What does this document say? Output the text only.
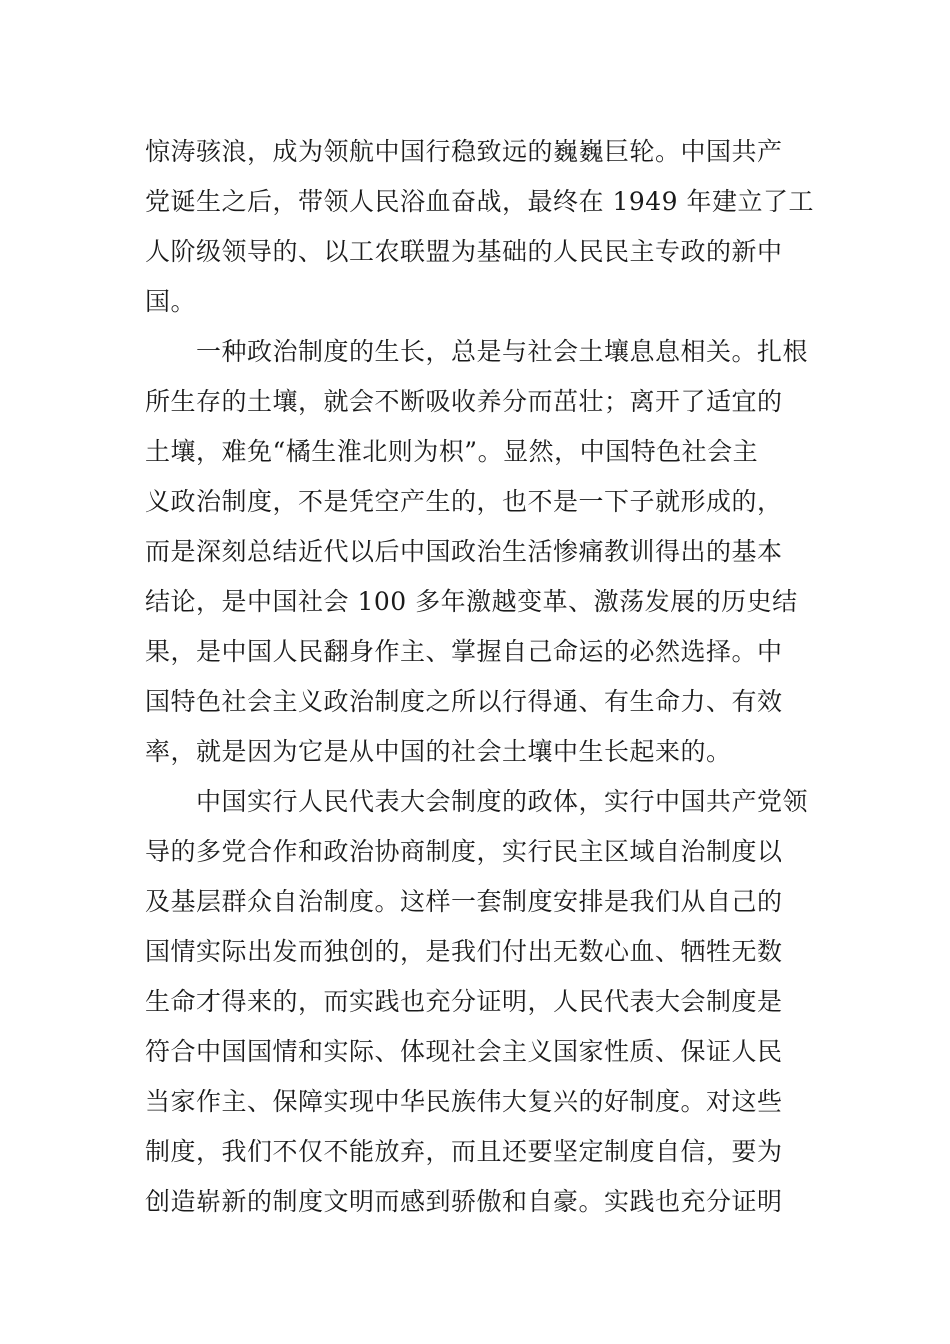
惊涛骇浪，成为领航中国行稳致远的巍巍巨轮。中国共产
党诞生之后，带领人民浴血奋战，最终在 1949 年建立了工
人阶级领导的、以工农联盟为基础的人民民主专政的新中
国。
　　一种政治制度的生长，总是与社会土壤息息相关。扎根
所生存的土壤，就会不断吸收养分而茁壮；离开了适宜的
土壤，难免“橘生淮北则为枳”。显然，中国特色社会主
义政治制度，不是凭空产生的，也不是一下子就形成的，
而是深刻总结近代以后中国政治生活惨痛教训得出的基本
结论，是中国社会 100 多年激越变革、激荡发展的历史结
果，是中国人民翻身作主、掌握自己命运的必然选择。中
国特色社会主义政治制度之所以行得通、有生命力、有效
率，就是因为它是从中国的社会土壤中生长起来的。
　　中国实行人民代表大会制度的政体，实行中国共产党领
导的多党合作和政治协商制度，实行民主区域自治制度以
及基层群众自治制度。这样一套制度安排是我们从自己的
国情实际出发而独创的，是我们付出无数心血、牺牲无数
生命才得来的，而实践也充分证明，人民代表大会制度是
符合中国国情和实际、体现社会主义国家性质、保证人民
当家作主、保障实现中华民族伟大复兴的好制度。对这些
制度，我们不仅不能放弃，而且还要坚定制度自信，要为
创造崭新的制度文明而感到骄傲和自豪。实践也充分证明
